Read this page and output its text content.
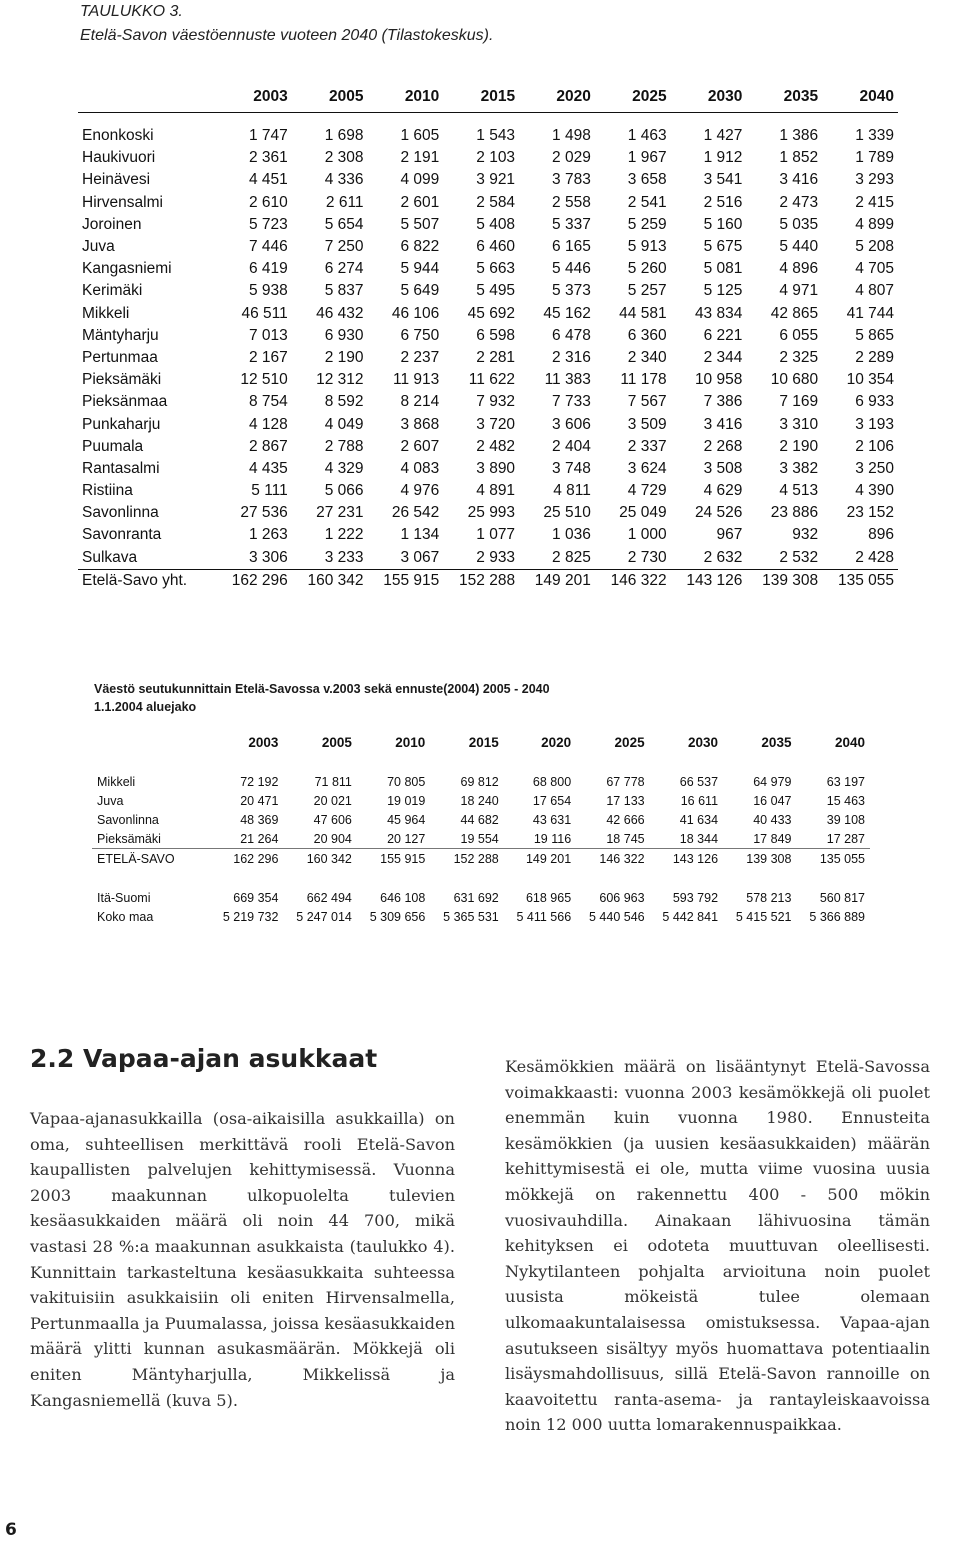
TAULUKKO 3.
Etelä-Savon väestöennuste vuoteen 2040 (Tilastokeskus).
	2003	2005	2010	2015	2020	2025	2030	2035	2040

Enonkoski	1 747	1 698	1 605	1 543	1 498	1 463	1 427	1 386	1 339
Haukivuori	2 361	2 308	2 191	2 103	2 029	1 967	1 912	1 852	1 789
Heinävesi	4 451	4 336	4 099	3 921	3 783	3 658	3 541	3 416	3 293
Hirvensalmi	2 610	2 611	2 601	2 584	2 558	2 541	2 516	2 473	2 415
Joroinen	5 723	5 654	5 507	5 408	5 337	5 259	5 160	5 035	4 899
Juva	7 446	7 250	6 822	6 460	6 165	5 913	5 675	5 440	5 208
Kangasniemi	6 419	6 274	5 944	5 663	5 446	5 260	5 081	4 896	4 705
Kerimäki	5 938	5 837	5 649	5 495	5 373	5 257	5 125	4 971	4 807
Mikkeli	46 511	46 432	46 106	45 692	45 162	44 581	43 834	42 865	41 744
Mäntyharju	7 013	6 930	6 750	6 598	6 478	6 360	6 221	6 055	5 865
Pertunmaa	2 167	2 190	2 237	2 281	2 316	2 340	2 344	2 325	2 289
Pieksämäki	12 510	12 312	11 913	11 622	11 383	11 178	10 958	10 680	10 354
Pieksänmaa	8 754	8 592	8 214	7 932	7 733	7 567	7 386	7 169	6 933
Punkaharju	4 128	4 049	3 868	3 720	3 606	3 509	3 416	3 310	3 193
Puumala	2 867	2 788	2 607	2 482	2 404	2 337	2 268	2 190	2 106
Rantasalmi	4 435	4 329	4 083	3 890	3 748	3 624	3 508	3 382	3 250
Ristiina	5 111	5 066	4 976	4 891	4 811	4 729	4 629	4 513	4 390
Savonlinna	27 536	27 231	26 542	25 993	25 510	25 049	24 526	23 886	23 152
Savonranta	1 263	1 222	1 134	1 077	1 036	1 000	967	932	896
Sulkava	3 306	3 233	3 067	2 933	2 825	2 730	2 632	2 532	2 428
Etelä-Savo yht.	162 296	160 342	155 915	152 288	149 201	146 322	143 126	139 308	135 055
Väestö seutukunnittain Etelä-Savossa v.2003 sekä ennuste(2004) 2005 - 2040
1.1.2004 aluejako
	2003	2005	2010	2015	2020	2025	2030	2035	2040

Mikkeli	72 192	71 811	70 805	69 812	68 800	67 778	66 537	64 979	63 197
Juva	20 471	20 021	19 019	18 240	17 654	17 133	16 611	16 047	15 463
Savonlinna	48 369	47 606	45 964	44 682	43 631	42 666	41 634	40 433	39 108
Pieksämäki	21 264	20 904	20 127	19 554	19 116	18 745	18 344	17 849	17 287
ETELÄ-SAVO	162 296	160 342	155 915	152 288	149 201	146 322	143 126	139 308	135 055

Itä-Suomi	669 354	662 494	646 108	631 692	618 965	606 963	593 792	578 213	560 817
Koko maa	5 219 732	5 247 014	5 309 656	5 365 531	5 411 566	5 440 546	5 442 841	5 415 521	5 366 889
2.2 Vapaa-ajan asukkaat
Vapaa-ajanasukkailla (osa-aikaisilla asukkailla) on oma, suhteellisen merkittävä rooli Etelä-Savon kaupallisten palvelujen kehittymisessä. Vuonna 2003 maakunnan ulkopuolelta tulevien kesäasukkaiden määrä oli noin 44 700, mikä vastasi 28 %:a maakunnan asukkaista (taulukko 4). Kunnittain tarkasteltuna kesäasukkaita suhteessa vakituisiin asukkaisiin oli eniten Hirvensalmella, Pertunmaalla ja Puumalassa, joissa kesäasukkaiden määrä ylitti kunnan asukasmäärän. Mökkejä oli eniten Mäntyharjulla, Mikkelissä ja Kangasniemellä (kuva 5).
Kesämökkien määrä on lisääntynyt Etelä-Savossa voimakkaasti: vuonna 2003 kesämökkejä oli puolet enemmän kuin vuonna 1980. Ennusteita kesämökkien (ja uusien kesäasukkaiden) määrän kehittymisestä ei ole, mutta viime vuosina uusia mökkejä on rakennettu 400 - 500 mökin vuosivauhdilla. Ainakaan lähivuosina tämän kehityksen ei odoteta muuttuvan oleellisesti. Nykytilanteen pohjalta arvioituna noin puolet uusista mökeistä tulee olemaan ulkomaakuntalaisessa omistuksessa. Vapaa-ajan asutukseen sisältyy myös huomattava potentiaalin lisäysmahdollisuus, sillä Etelä-Savon rannoille on kaavoitettu ranta-asema- ja rantayleiskaavoissa noin 12 000 uutta lomarakennuspaikkaa.
6
